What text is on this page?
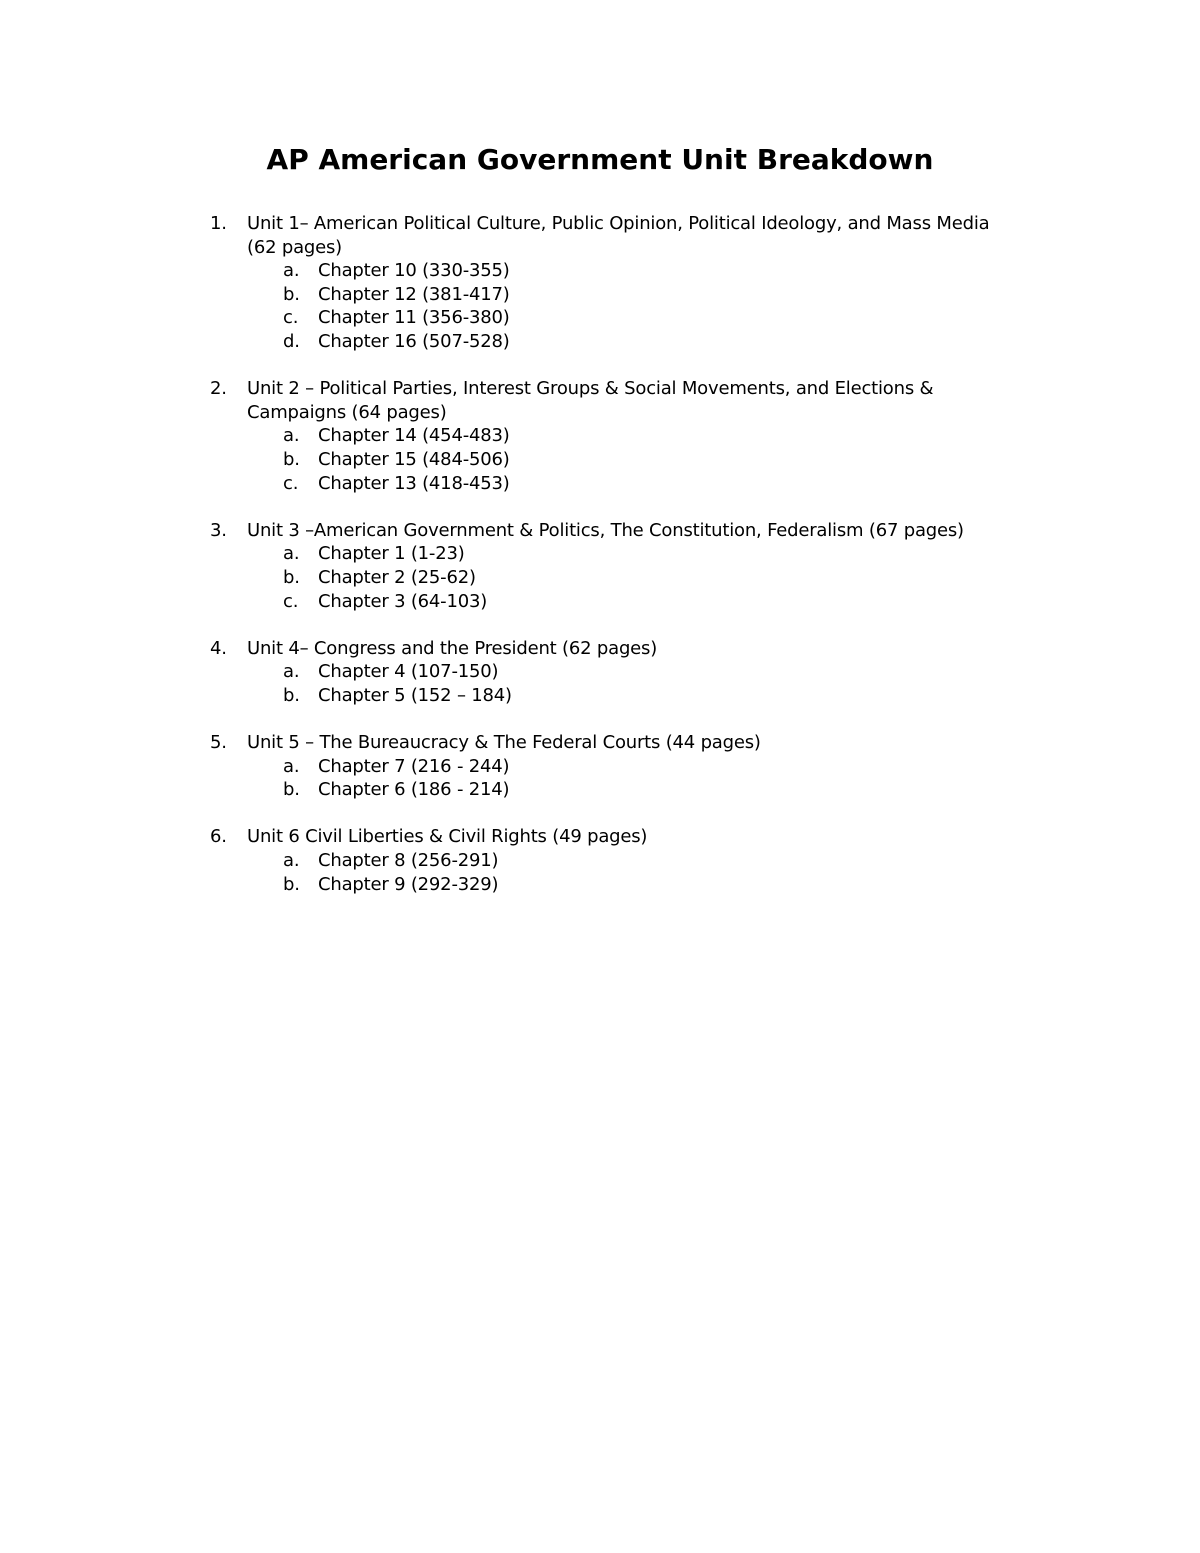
AP American Government Unit Breakdown
1.	Unit 1– American Political Culture, Public Opinion, Political Ideology, and Mass Media (62 pages)
a. Chapter 10 (330-355)
b. Chapter 12 (381-417)
c. Chapter 11 (356-380)
d. Chapter 16 (507-528)
2.	Unit 2 – Political Parties, Interest Groups & Social Movements, and Elections & Campaigns (64 pages)
a. Chapter 14 (454-483)
b. Chapter 15 (484-506)
c. Chapter 13 (418-453)
3.	Unit 3 –American Government & Politics, The Constitution, Federalism (67 pages)
a. Chapter 1 (1-23)
b. Chapter 2 (25-62)
c. Chapter 3 (64-103)
4.	Unit 4– Congress and the President (62 pages)
a. Chapter 4 (107-150)
b. Chapter 5 (152 – 184)
5.	Unit 5 – The Bureaucracy & The Federal Courts (44 pages)
a. Chapter 7 (216 - 244)
b. Chapter 6 (186 - 214)
6.	Unit 6 Civil Liberties & Civil Rights (49 pages)
a. Chapter 8 (256-291)
b. Chapter 9 (292-329)
